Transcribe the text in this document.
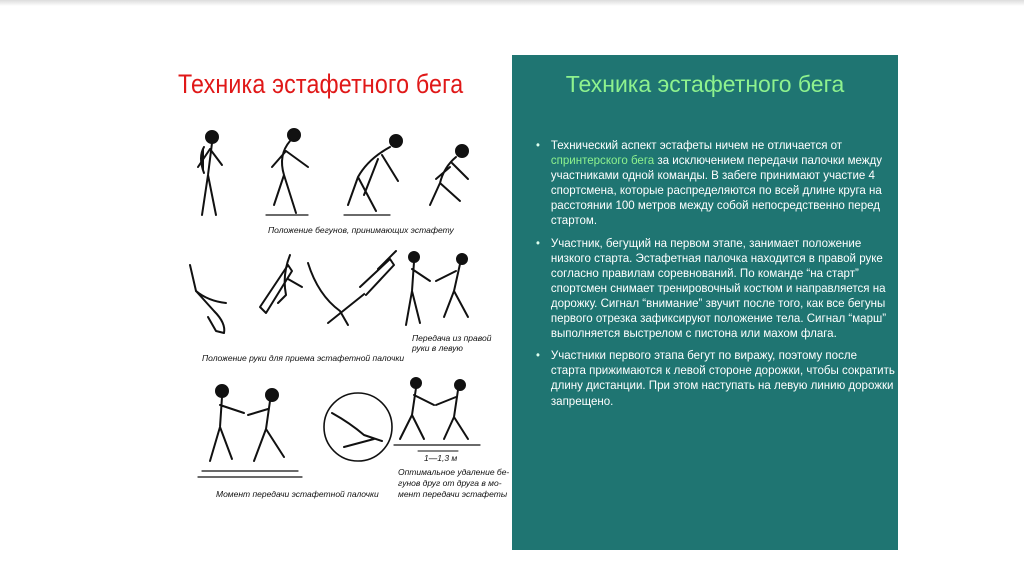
Техника эстафетного бега
Положение бегунов, принимающих эстафету
Положение руки для приема эстафетной палочки
Передача из правой
руки в левую
1—1,3 м
Момент передачи эстафетной палочки
Оптимальное удаление бе-
гунов друг от друга в мо-
мент передачи эстафеты
Техника эстафетного бега
• Технический аспект эстафеты ничем не отличается от спринтерского бега за исключением передачи палочки между участниками одной команды. В забеге принимают участие 4 спортсмена, которые распределяются по всей длине круга на расстоянии 100 метров между собой непосредственно перед стартом.
• Участник, бегущий на первом этапе, занимает положение низкого старта. Эстафетная палочка находится в правой руке согласно правилам соревнований. По команде “на старт” спортсмен снимает тренировочный костюм и направляется на дорожку. Сигнал “внимание” звучит после того, как все бегуны первого отрезка зафиксируют положение тела. Сигнал “марш” выполняется выстрелом с пистона или махом флага.
• Участники первого этапа бегут по виражу, поэтому после старта прижимаются к левой стороне дорожки, чтобы сократить длину дистанции. При этом наступать на левую линию дорожки запрещено.
